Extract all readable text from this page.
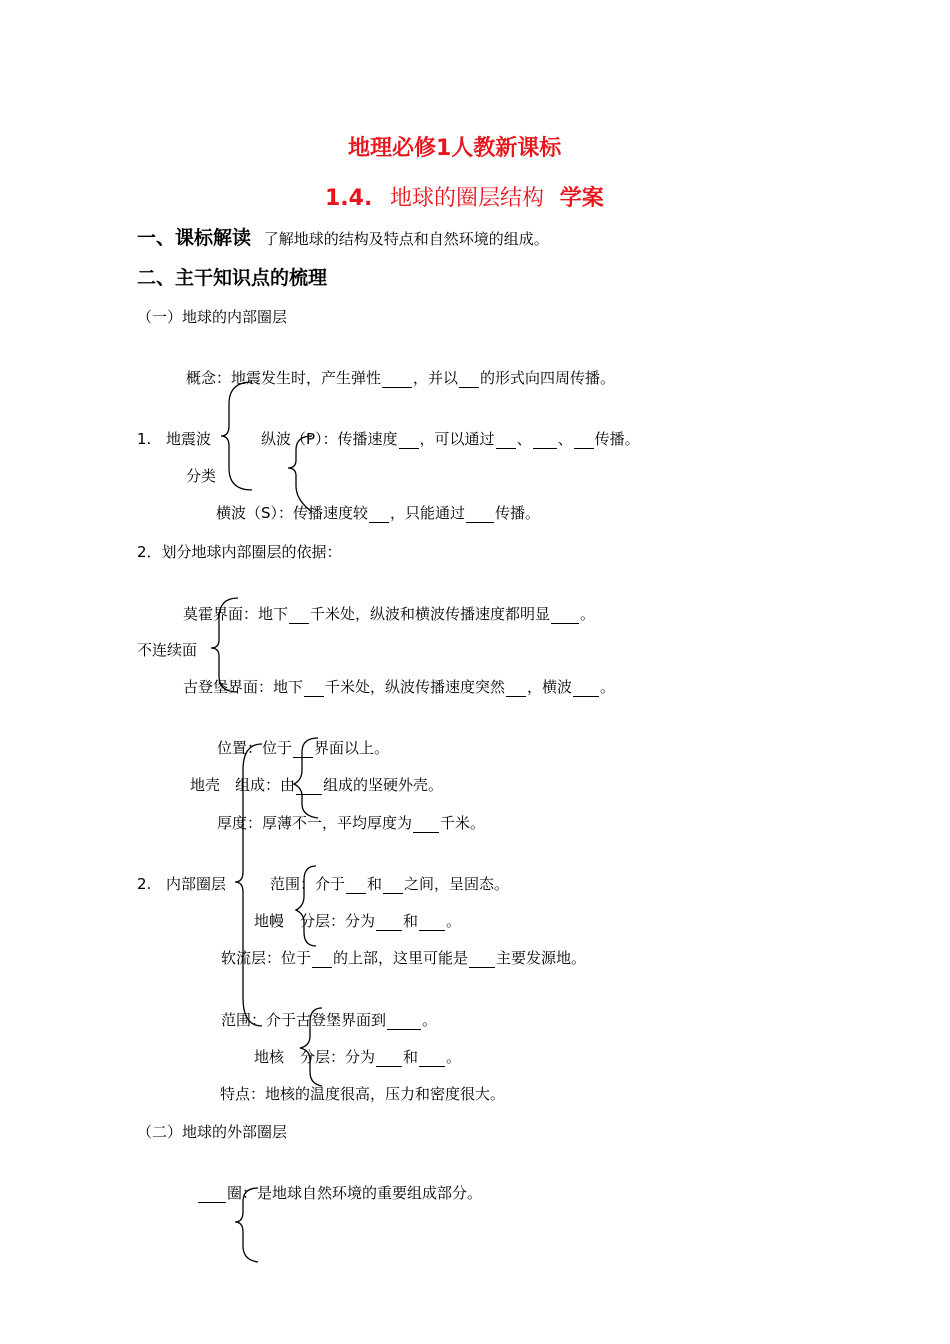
地理必修1人教新课标
1.4. 地球的圈层结构 学案
一、课标解读 了解地球的结构及特点和自然环境的组成。
二、主干知识点的梳理
（一）地球的内部圈层
概念：地震发生时，产生弹性 ，并以 的形式向四周传播。
1. 地震波
分类
纵波（P）：传播速度 ，可以通过 、 、 传播。
横波（S）：传播速度较 ，只能通过 传播。
2．划分地球内部圈层的依据：
莫霍界面：地下 千米处，纵波和横波传播速度都明显 。
不连续面
古登堡界面：地下 千米处，纵波传播速度突然 ，横波 。
位置：位于 界面以上。
地壳 组成：由 组成的坚硬外壳。
厚度：厚薄不一，平均厚度为 千米。
2. 内部圈层	范围：介于 和 之间，呈固态。
地幔 分层：分为 和 。
软流层：位于 的上部，这里可能是 主要发源地。
范围：介于古登堡界面到 。
地核 分层：分为 和 。
特点：地核的温度很高，压力和密度很大。
（二）地球的外部圈层
圈：是地球自然环境的重要组成部分。
